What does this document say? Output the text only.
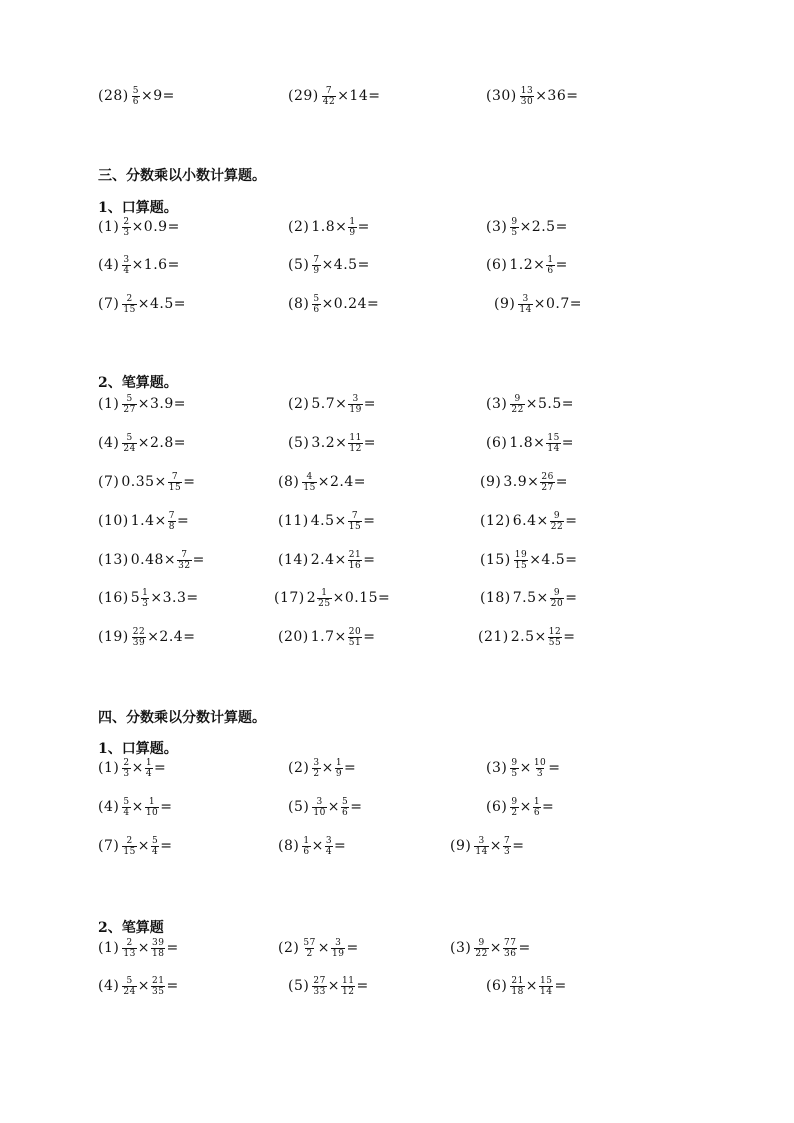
$(28) \frac{5}{6} \times 9=$	$(29) \frac{7}{42} \times 14=$	$(30) \frac{13}{30} \times 36=$
三、分数乘以小数计算题。
1、口算题。
$(1) \frac{2}{3} \times 0.9=$	(2) $1.8\times \frac{1}{9}$ =	$(3) \frac{9}{5} \times 2.5=$
$(4) \frac{3}{4} \times 1.6=$	$(5) \frac{7}{9} \times 4.5=$	(6) $1.2\times \frac{1}{6}$ =
$(7) \frac{2}{15} \times 4.5=$	$(8) \frac{5}{6} \times 0.24=$	$(9) \frac{3}{14} \times 0.7=$
2、笔算题。
$(1) \frac{5}{27} \times 3.9=$	(2) $5.7\times \frac{3}{19}$ =	$(3) \frac{9}{22} \times 5.5=$
$(4) \frac{5}{24} \times 2.8=$	(5) $3.2\times \frac{11}{12}$ =	(6) $1.8\times \frac{15}{14}$ =
(7) $0.35\times \frac{7}{15}$ =	$(8) \frac{4}{15} \times 2.4=$	(9) $3.9\times \frac{26}{27}$ =
(10) $1.4\times \frac{7}{8}$ =	(11) $4.5\times \frac{7}{15}$ =	(12) $6.4\times \frac{9}{22}$ =
(13) $0.48\times \frac{7}{32}$ =	(14) $2.4\times \frac{21}{16}$ =	$(15) \frac{19}{15} \times 4.5=$
(16) $5 \frac{1}{3} \times 3.3=$	(17) $2 \frac{1}{25} \times 0.15=$	(18) $7.5\times \frac{9}{20}$ =
$(19) \frac{22}{39} \times 2.4=$	(20) $1.7\times \frac{20}{51}$ =	(21) $2.5\times \frac{12}{55}$ =
四、分数乘以分数计算题。
1、口算题。
$(1) \frac{2}{3} \times \frac{1}{4}$ =	$(2) \frac{3}{2} \times \frac{1}{9}$ =	$(3) \frac{9}{5} \times \frac{10}{3}$ =
$(4) \frac{5}{4} \times \frac{1}{10}$ =	$(5) \frac{3}{10} \times \frac{5}{6}$ =	$(6) \frac{9}{2} \times \frac{1}{6}$ =
$(7) \frac{2}{15} \times \frac{5}{4}$ =	$(8) \frac{1}{6} \times \frac{3}{4}$ =	$(9) \frac{3}{14} \times \frac{7}{3}$ =
2、笔算题
$(1) \frac{2}{13} \times \frac{39}{18}$ =	$(2) \frac{57}{2} \times \frac{3}{19}$ =	$(3) \frac{9}{22} \times \frac{77}{36}$ =
$(4) \frac{5}{24} \times \frac{21}{35}$ =	$(5) \frac{27}{33} \times \frac{11}{12}$ =	$(6) \frac{21}{18} \times \frac{15}{14}$ =
